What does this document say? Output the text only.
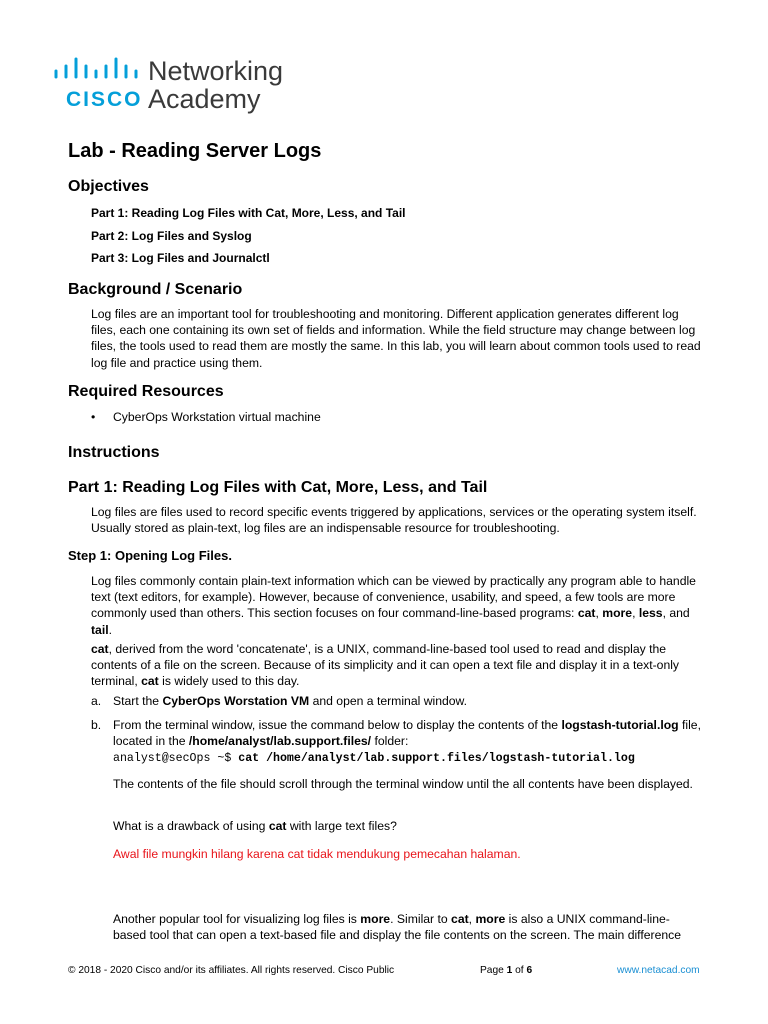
Networking
CISCO Academy
Lab - Reading Server Logs
Objectives
Part 1: Reading Log Files with Cat, More, Less, and Tail
Part 2: Log Files and Syslog
Part 3: Log Files and Journalctl
Background / Scenario

Log files are an important tool for troubleshooting and monitoring. Different application generates different log files, each one containing its own set of fields and information. While the field structure may change between log files, the tools used to read them are mostly the same. In this lab, you will learn about common tools used to read log file and practice using them.

Required Resources
• CyberOps Workstation virtual machine
Instructions
Part 1: Reading Log Files with Cat, More, Less, and Tail

Log files are files used to record specific events triggered by applications, services or the operating system itself. Usually stored as plain-text, log files are an indispensable resource for troubleshooting.

Step 1: Opening Log Files.

Log files commonly contain plain-text information which can be viewed by practically any program able to handle text (text editors, for example). However, because of convenience, usability, and speed, a few tools are more commonly used than others. This section focuses on four command-line-based programs: cat, more, less, and tail.

cat, derived from the word 'concatenate', is a UNIX, command-line-based tool used to read and display the contents of a file on the screen. Because of its simplicity and it can open a text file and display it in a text-only terminal, cat is widely used to this day.

a. Start the CyberOps Worstation VM and open a terminal window.
b. From the terminal window, issue the command below to display the contents of the logstash-tutorial.log file, located in the /home/analyst/lab.support.files/ folder:
analyst@secOps ~$ cat /home/analyst/lab.support.files/logstash-tutorial.log

The contents of the file should scroll through the terminal window until the all contents have been displayed.

What is a drawback of using cat with large text files?

Awal file mungkin hilang karena cat tidak mendukung pemecahan halaman.

Another popular tool for visualizing log files is more. Similar to cat, more is also a UNIX command-line-based tool that can open a text-based file and display the file contents on the screen. The main difference

© 2018 - 2020 Cisco and/or its affiliates. All rights reserved. Cisco Public	Page 1 of 6	www.netacad.com
